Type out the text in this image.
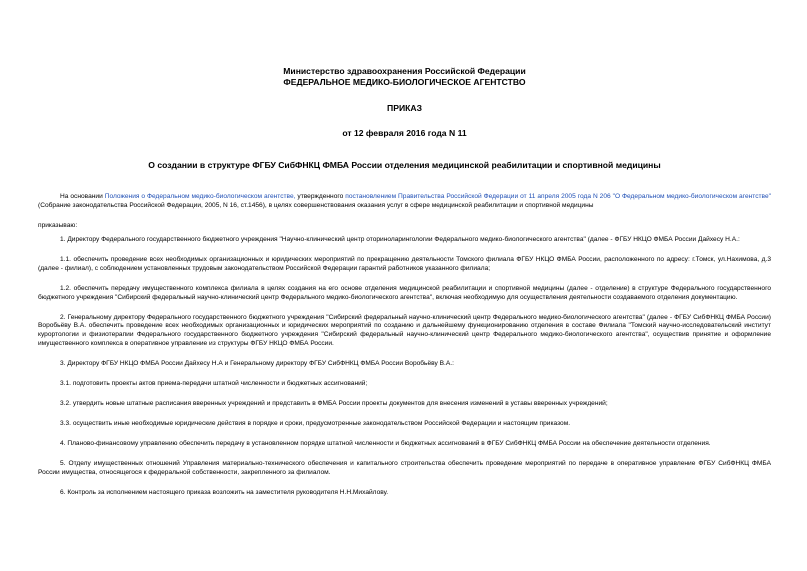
Министерство здравоохранения Российской Федерации
ФЕДЕРАЛЬНОЕ МЕДИКО-БИОЛОГИЧЕСКОЕ АГЕНТСТВО
ПРИКАЗ
от 12 февраля 2016 года N 11
О создании в структуре ФГБУ СибФНКЦ ФМБА России отделения медицинской реабилитации и спортивной медицины

На основании Положения о Федеральном медико-биологическом агентстве, утвержденного постановлением Правительства Российской Федерации от 11 апреля 2005 года N 206 "О Федеральном медико-биологическом агентстве" (Собрание законодательства Российской Федерации, 2005, N 16, ст.1456), в целях совершенствования оказания услуг в сфере медицинской реабилитации и спортивной медицины

приказываю:

1. Директору Федерального государственного бюджетного учреждения "Научно-клинический центр оториноларингологии Федерального медико-биологического агентства" (далее - ФГБУ НКЦО ФМБА России Дайхесу Н.А.:

1.1. обеспечить проведение всех необходимых организационных и юридических мероприятий по прекращению деятельности Томского филиала ФГБУ НКЦО ФМБА России, расположенного по адресу: г.Томск, ул.Нахимова, д.3 (далее - филиал), с соблюдением установленных трудовым законодательством Российской Федерации гарантий работников указанного филиала;

1.2. обеспечить передачу имущественного комплекса филиала в целях создания на его основе отделения медицинской реабилитации и спортивной медицины (далее - отделение) в структуре Федерального государственного бюджетного учреждения "Сибирский федеральный научно-клинический центр Федерального медико-биологического агентства", включая необходимую для осуществления деятельности создаваемого отделения документацию.

2. Генеральному директору Федерального государственного бюджетного учреждения "Сибирский федеральный научно-клинический центр Федерального медико-биологического агентства" (далее - ФГБУ СибФНКЦ ФМБА России) Воробьёву В.А. обеспечить проведение всех необходимых организационных и юридических мероприятий по созданию и дальнейшему функционированию отделения в составе Филиала "Томский научно-исследовательский институт курортологии и физиотерапии Федерального государственного бюджетного учреждения "Сибирский федеральный научно-клинический центр Федерального медико-биологического агентства", осуществив принятие и оформление имущественного комплекса в оперативное управление из структуры ФГБУ НКЦО ФМБА России.

3. Директору ФГБУ НКЦО ФМБА России Дайхесу Н.А и Генеральному директору ФГБУ СибФНКЦ ФМБА России Воробьёву В.А.:

3.1. подготовить проекты актов приема-передачи штатной численности и бюджетных ассигнований;

3.2. утвердить новые штатные расписания вверенных учреждений и представить в ФМБА России проекты документов для внесения изменений в уставы вверенных учреждений;

3.3. осуществить иные необходимые юридические действия в порядке и сроки, предусмотренные законодательством Российской Федерации и настоящим приказом.

4. Планово-финансовому управлению обеспечить передачу в установленном порядке штатной численности и бюджетных ассигнований в ФГБУ СибФНКЦ ФМБА России на обеспечение деятельности отделения.

5. Отделу имущественных отношений Управления материально-технического обеспечения и капитального строительства обеспечить проведение мероприятий по передаче в оперативное управление ФГБУ СибФНКЦ ФМБА России имущества, относящегося к федеральной собственности, закрепленного за филиалом.

6. Контроль за исполнением настоящего приказа возложить на заместителя руководителя Н.Н.Михайлову.
